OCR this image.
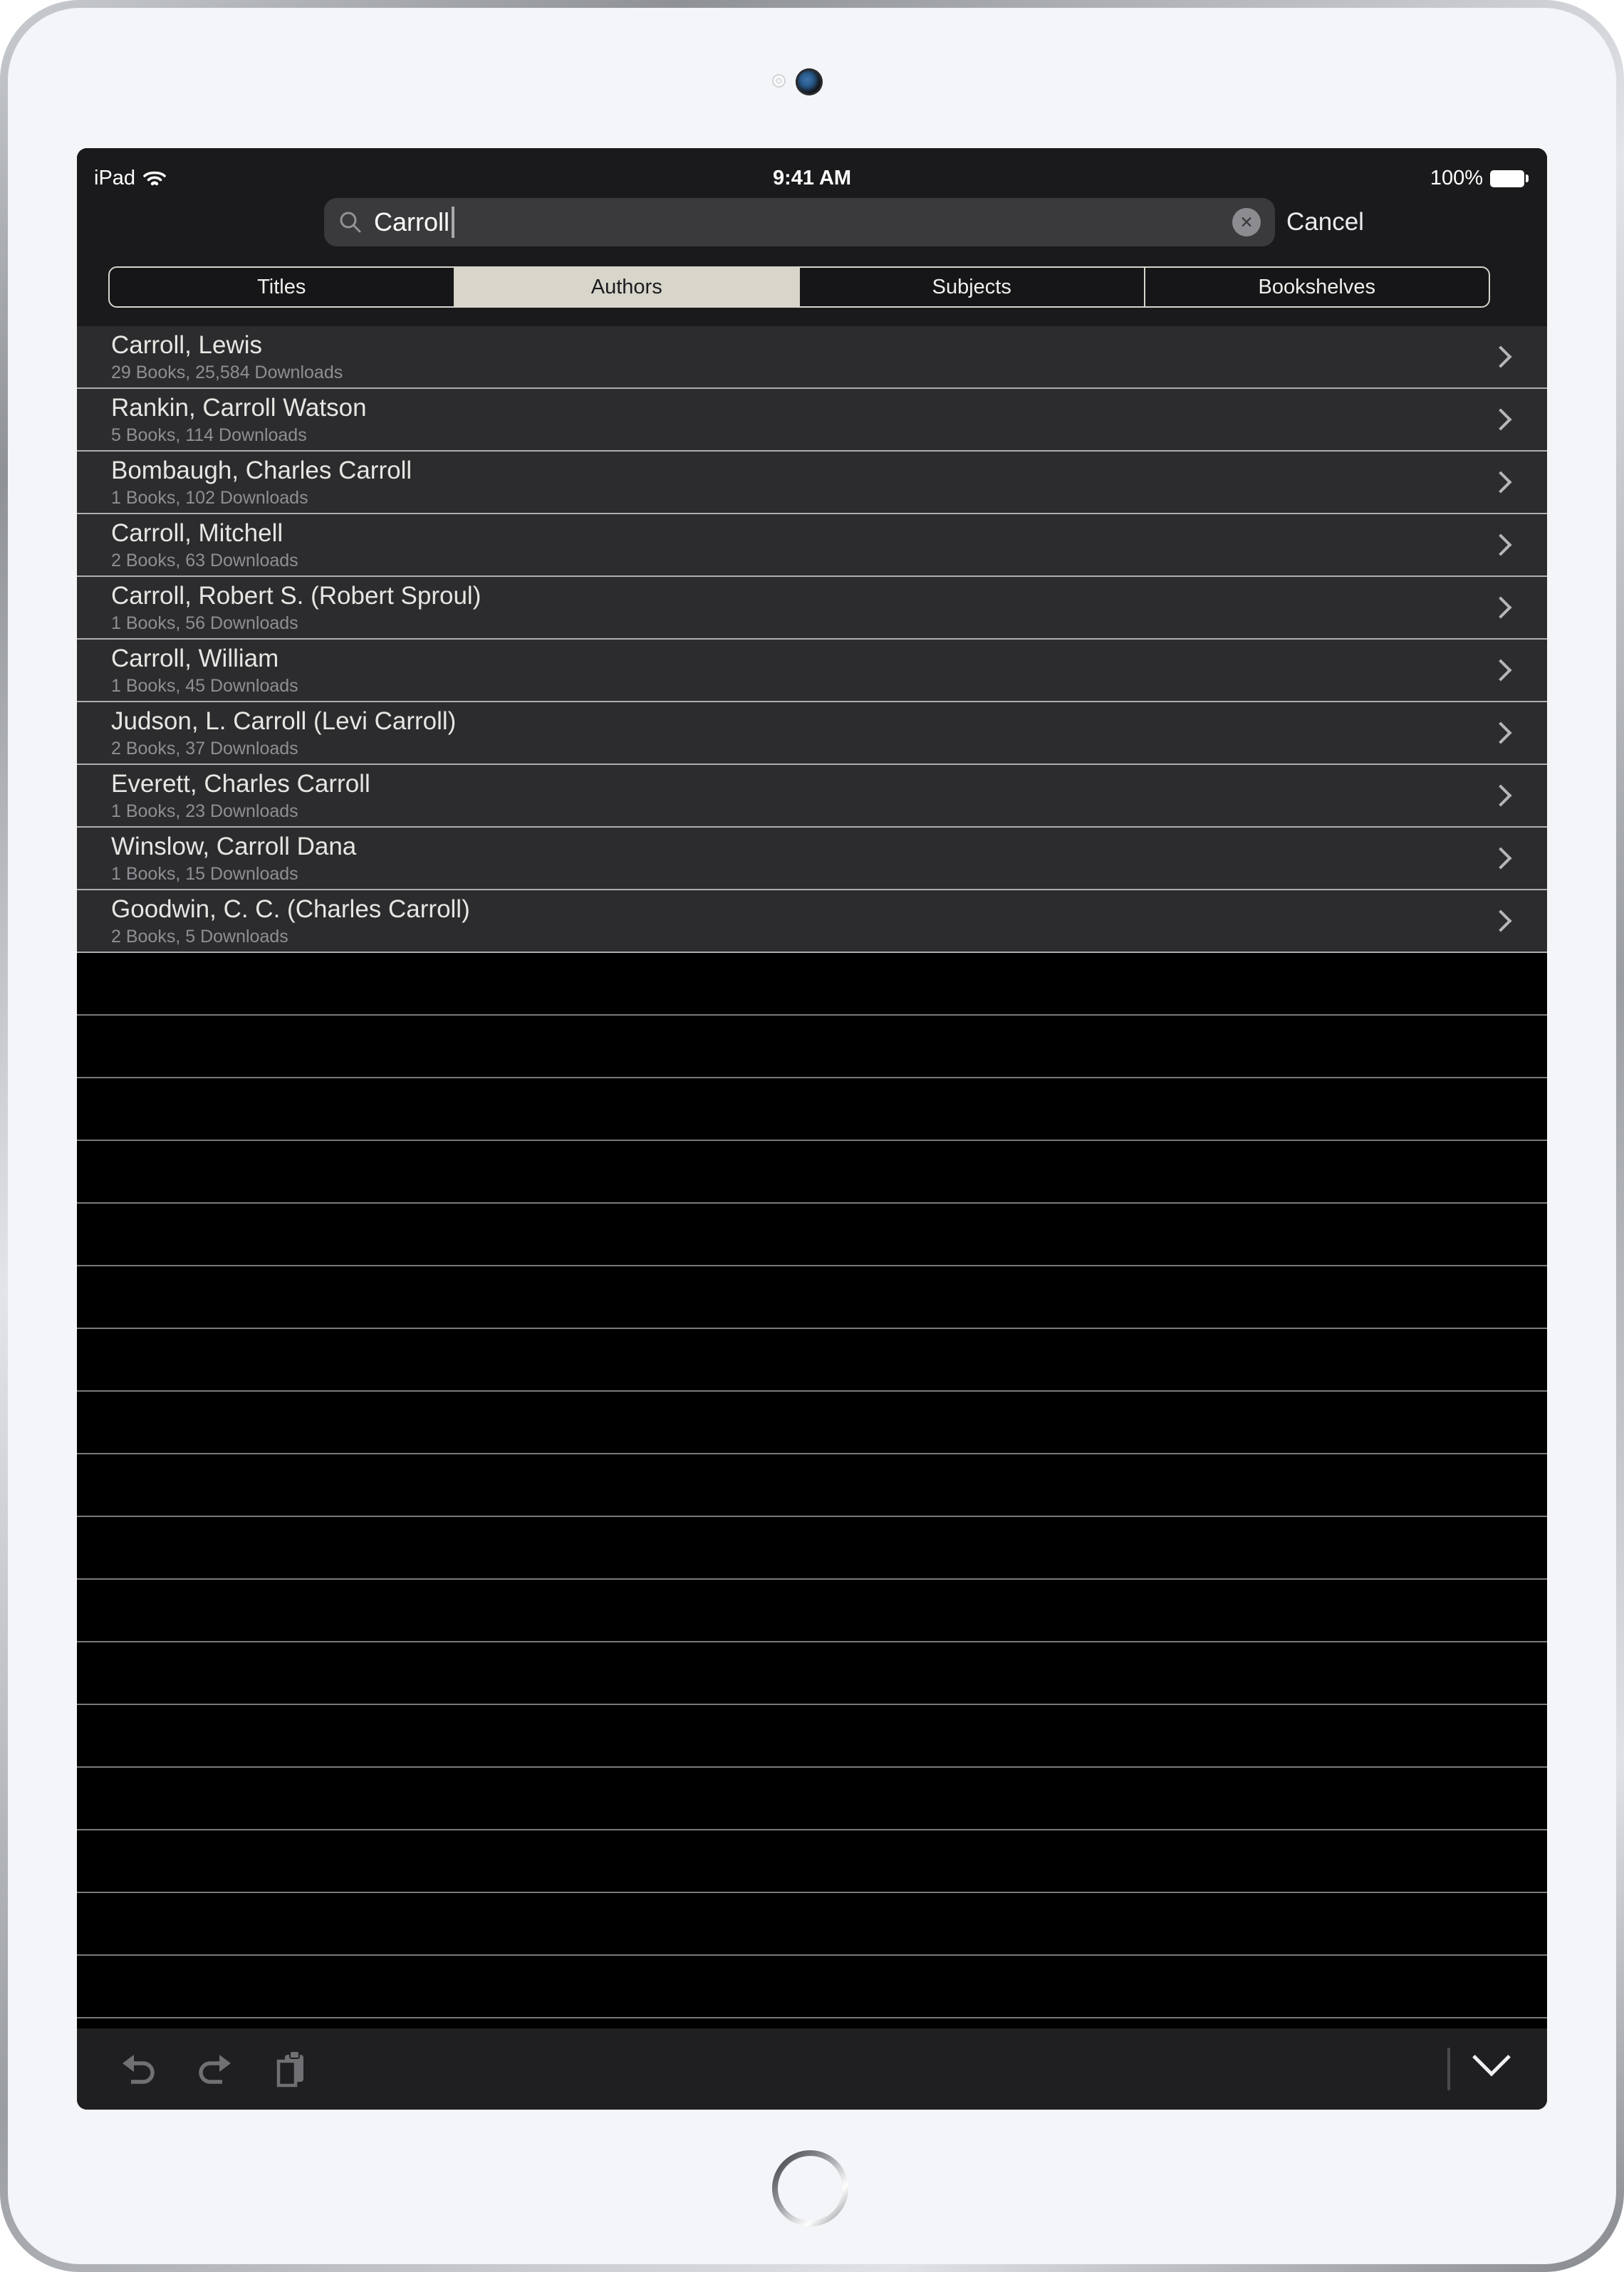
iPad	9:41 AM	100%
Carroll	✕ Cancel
Titles	Authors	Subjects	Bookshelves
Carroll, Lewis
29 Books, 25,584 Downloads
Rankin, Carroll Watson
5 Books, 114 Downloads
Bombaugh, Charles Carroll
1 Books, 102 Downloads
Carroll, Mitchell
2 Books, 63 Downloads
Carroll, Robert S. (Robert Sproul)
1 Books, 56 Downloads
Carroll, William
1 Books, 45 Downloads
Judson, L. Carroll (Levi Carroll)
2 Books, 37 Downloads
Everett, Charles Carroll
1 Books, 23 Downloads
Winslow, Carroll Dana
1 Books, 15 Downloads
Goodwin, C. C. (Charles Carroll)
2 Books, 5 Downloads
